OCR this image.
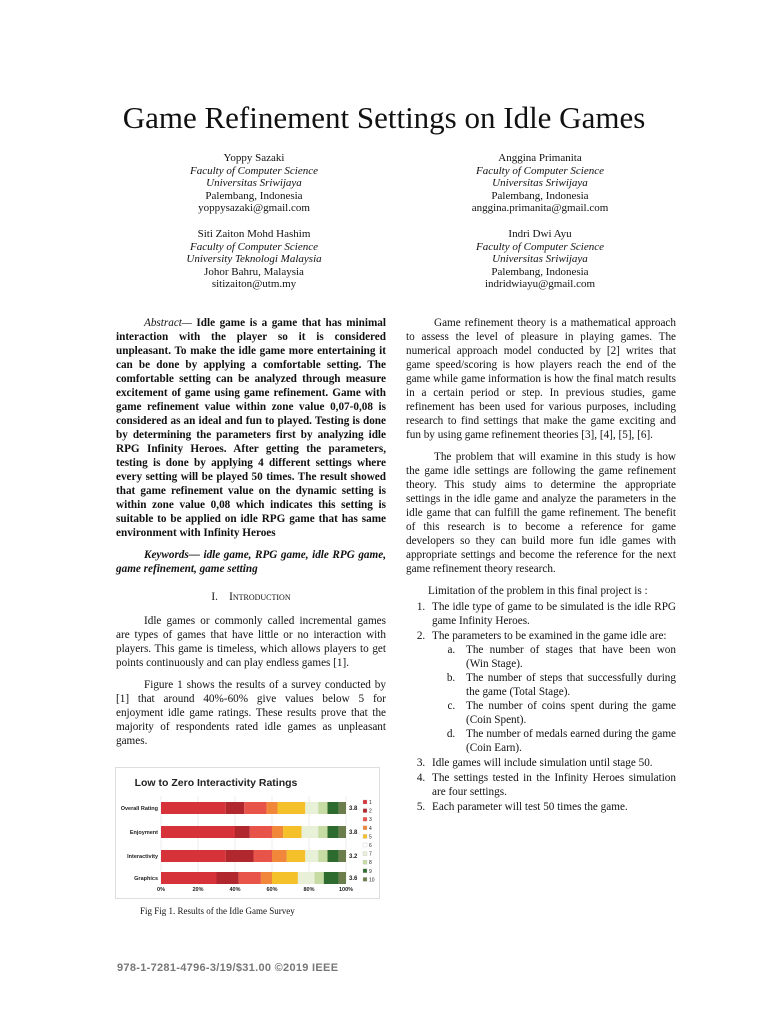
Game Refinement Settings on Idle Games
Yoppy Sazaki
Faculty of Computer Science
Universitas Sriwijaya
Palembang, Indonesia
yoppysazaki@gmail.com
Anggina Primanita
Faculty of Computer Science
Universitas Sriwijaya
Palembang, Indonesia
anggina.primanita@gmail.com
Siti Zaiton Mohd Hashim
Faculty of Computer Science
University Teknologi Malaysia
Johor Bahru, Malaysia
sitizaiton@utm.my
Indri Dwi Ayu
Faculty of Computer Science
Universitas Sriwijaya
Palembang, Indonesia
indridwiayu@gmail.com

Abstract— Idle game is a game that has minimal interaction with the player so it is considered unpleasant. To make the idle game more entertaining it can be done by applying a comfortable setting. The comfortable setting can be analyzed through measure excitement of game using game refinement. Game with game refinement value within zone value 0,07-0,08 is considered as an ideal and fun to played. Testing is done by determining the parameters first by analyzing idle RPG Infinity Heroes. After getting the parameters, testing is done by applying 4 different settings where every setting will be played 50 times. The result showed that game refinement value on the dynamic setting is within zone value 0,08 which indicates this setting is suitable to be applied on idle RPG game that has same environment with Infinity Heroes

Keywords— idle game, RPG game, idle RPG game, game refinement, game setting

I. Introduction

Idle games or commonly called incremental games are types of games that have little or no interaction with players. This game is timeless, which allows players to get points continuously and can play endless games [1].

Figure 1 shows the results of a survey conducted by [1] that around 40%-60% give values below 5 for enjoyment idle game ratings. These results prove that the majority of respondents rated idle games as unpleasant games.

Game refinement theory is a mathematical approach to assess the level of pleasure in playing games. The numerical approach model conducted by [2] writes that game speed/scoring is how players reach the end of the game while game information is how the final match results in a certain period or step. In previous studies, game refinement has been used for various purposes, including research to find settings that make the game exciting and fun by using game refinement theories [3], [4], [5], [6].

The problem that will examine in this study is how the game idle settings are following the game refinement theory. This study aims to determine the appropriate settings in the idle game and analyze the parameters in the idle game that can fulfill the game refinement. The benefit of this research is to become a reference for game developers so they can build more fun idle games with appropriate settings and become the reference for the next game refinement theory research.

Limitation of the problem in this final project is :
1. The idle type of game to be simulated is the idle RPG game Infinity Heroes.
2. The parameters to be examined in the game idle are:
a. The number of stages that have been won (Win Stage).
b. The number of steps that successfully during the game (Total Stage).
c. The number of coins spent during the game (Coin Spent).
d. The number of medals earned during the game (Coin Earn).
3. Idle games will include simulation until stage 50.
4. The settings tested in the Infinity Heroes simulation are four settings.
5. Each parameter will test 50 times the game.
Low to Zero Interactivity Ratings
0%	20%	40%	60%	80%	100%
Overall Rating	3.8
Enjoyment	3.8
Interactivity	3.2
Graphics	3.6
1
2
3
4
5
6
7
8
9
10
Fig Fig 1. Results of the Idle Game Survey
978-1-7281-4796-3/19/$31.00 ©2019 IEEE
